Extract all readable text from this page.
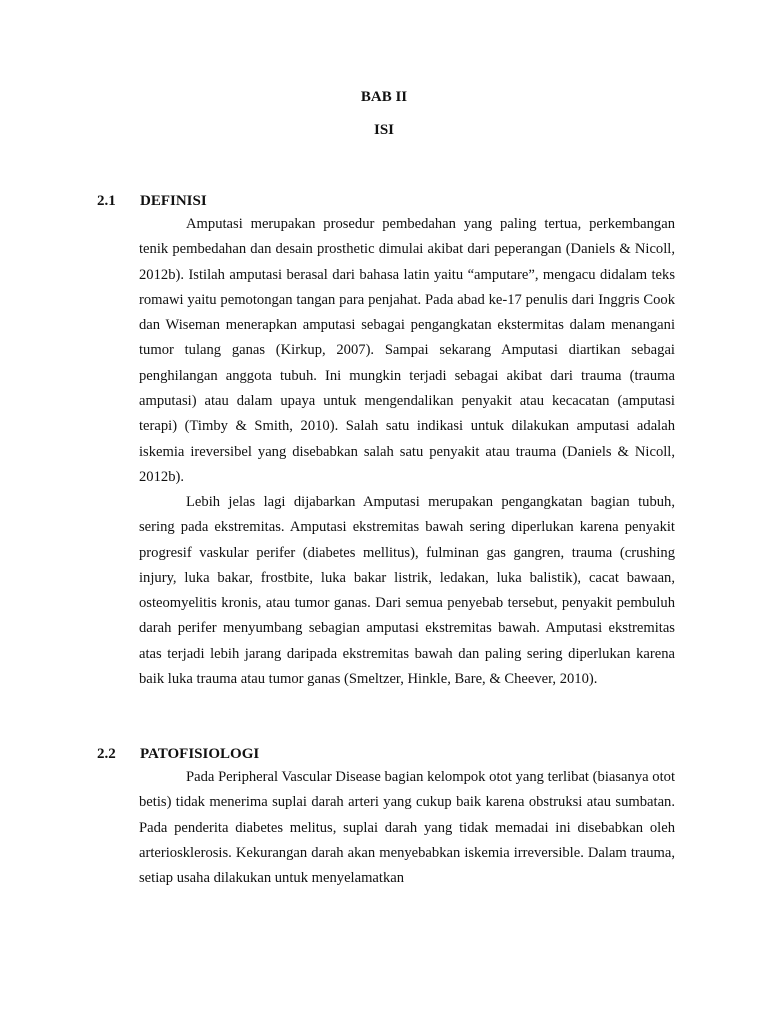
BAB II
ISI
2.1 DEFINISI

Amputasi merupakan prosedur pembedahan yang paling tertua, perkembangan tenik pembedahan dan desain prosthetic dimulai akibat dari peperangan (Daniels & Nicoll, 2012b). Istilah amputasi berasal dari bahasa latin yaitu “amputare”, mengacu didalam teks romawi yaitu pemotongan tangan para penjahat. Pada abad ke-17 penulis dari Inggris Cook dan Wiseman menerapkan amputasi sebagai pengangkatan ekstermitas dalam menangani tumor tulang ganas (Kirkup, 2007). Sampai sekarang Amputasi diartikan sebagai penghilangan anggota tubuh. Ini mungkin terjadi sebagai akibat dari trauma (trauma amputasi) atau dalam upaya untuk mengendalikan penyakit atau kecacatan (amputasi terapi) (Timby & Smith, 2010). Salah satu indikasi untuk dilakukan amputasi adalah iskemia ireversibel yang disebabkan salah satu penyakit atau trauma (Daniels & Nicoll, 2012b).

Lebih jelas lagi dijabarkan Amputasi merupakan pengangkatan bagian tubuh, sering pada ekstremitas. Amputasi ekstremitas bawah sering diperlukan karena penyakit progresif vaskular perifer (diabetes mellitus), fulminan gas gangren, trauma (crushing injury, luka bakar, frostbite, luka bakar listrik, ledakan, luka balistik), cacat bawaan, osteomyelitis kronis, atau tumor ganas. Dari semua penyebab tersebut, penyakit pembuluh darah perifer menyumbang sebagian amputasi ekstremitas bawah. Amputasi ekstremitas atas terjadi lebih jarang daripada ekstremitas bawah dan paling sering diperlukan karena baik luka trauma atau tumor ganas (Smeltzer, Hinkle, Bare, & Cheever, 2010).

2.2 PATOFISIOLOGI

Pada Peripheral Vascular Disease bagian kelompok otot yang terlibat (biasanya otot betis) tidak menerima suplai darah arteri yang cukup baik karena obstruksi atau sumbatan. Pada penderita diabetes melitus, suplai darah yang tidak memadai ini disebabkan oleh arteriosklerosis. Kekurangan darah akan menyebabkan iskemia irreversible. Dalam trauma, setiap usaha dilakukan untuk menyelamatkan
